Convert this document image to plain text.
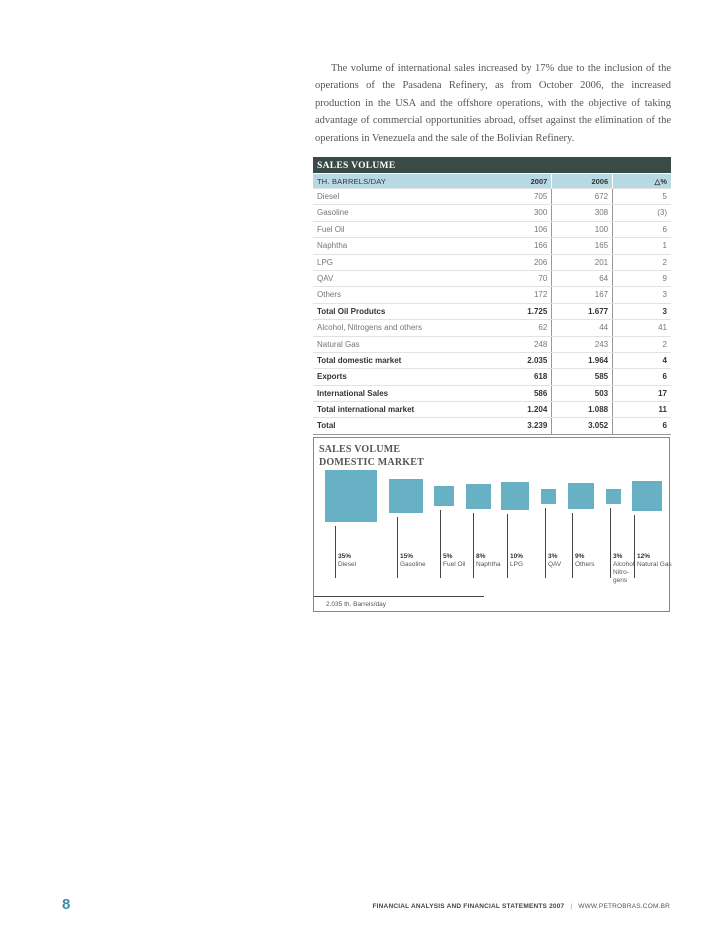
The volume of international sales increased by 17% due to the inclusion of the operations of the Pasadena Refinery, as from October 2006, the increased production in the USA and the offshore operations, with the objective of taking advantage of commercial opportunities abroad, offset against the elimination of the operations in Venezuela and the sale of the Bolivian Refinery.

SALES VOLUME
TH. BARRELS/DAY	2007	2006	△%
Diesel	705	672	5
Gasoline	300	308	(3)
Fuel Oil	106	100	6
Naphtha	166	165	1
LPG	206	201	2
QAV	70	64	9
Others	172	167	3
Total Oil Produtcs	1.725	1.677	3
Alcohol, Nitrogens and others	62	44	41
Natural Gas	248	243	2
Total domestic market	2.035	1.964	4
Exports	618	585	6
International Sales	586	503	17
Total international market	1.204	1.088	11
Total	3.239	3.052	6
SALES VOLUME
DOMESTIC MARKET
2.035 th. Barrels/day
35%
Diesel
15%
Gasoline
5%
Fuel Oil
8%
Naphtha
10%
LPG
3%
QAV
9%
Others
3%
Alcohol Nitro-gens
12%
Natural Gas
8	FINANCIAL ANALYSIS AND FINANCIAL STATEMENTS 2007 | WWW.PETROBRAS.COM.BR
